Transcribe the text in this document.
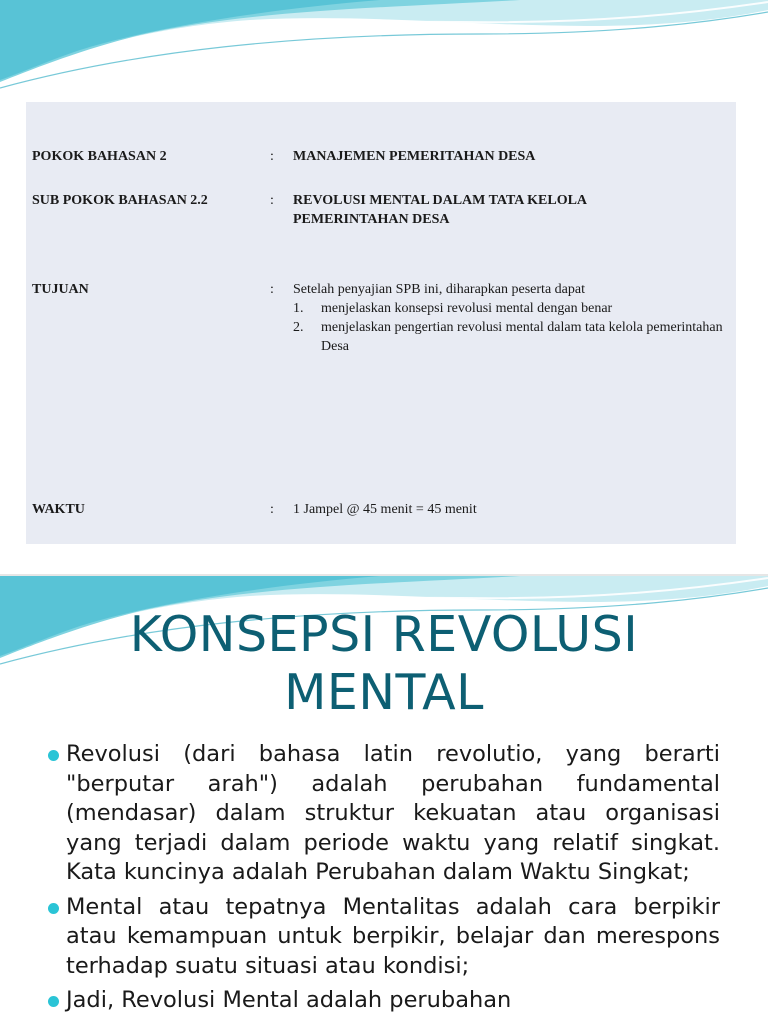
POKOK BAHASAN 2	: MANAJEMEN PEMERITAHAN DESA
SUB POKOK BAHASAN 2.2	: REVOLUSI MENTAL DALAM TATA KELOLA PEMERINTAHAN DESA
TUJUAN	: Setelah penyajian SPB ini, diharapkan peserta dapat
1. menjelaskan konsepsi revolusi mental dengan benar
2. menjelaskan pengertian revolusi mental dalam tata kelola pemerintahan Desa
WAKTU	: 1 Jampel @ 45 menit = 45 menit
KONSEPSI REVOLUSI
MENTAL
Revolusi (dari bahasa latin revolutio, yang berarti "berputar arah") adalah perubahan fundamental (mendasar) dalam struktur kekuatan atau organisasi yang terjadi dalam periode waktu yang relatif singkat. Kata kuncinya adalah Perubahan dalam Waktu Singkat;
Mental atau tepatnya Mentalitas adalah cara berpikir atau kemampuan untuk berpikir, belajar dan merespons terhadap suatu situasi atau kondisi;
Jadi, Revolusi Mental adalah perubahan
